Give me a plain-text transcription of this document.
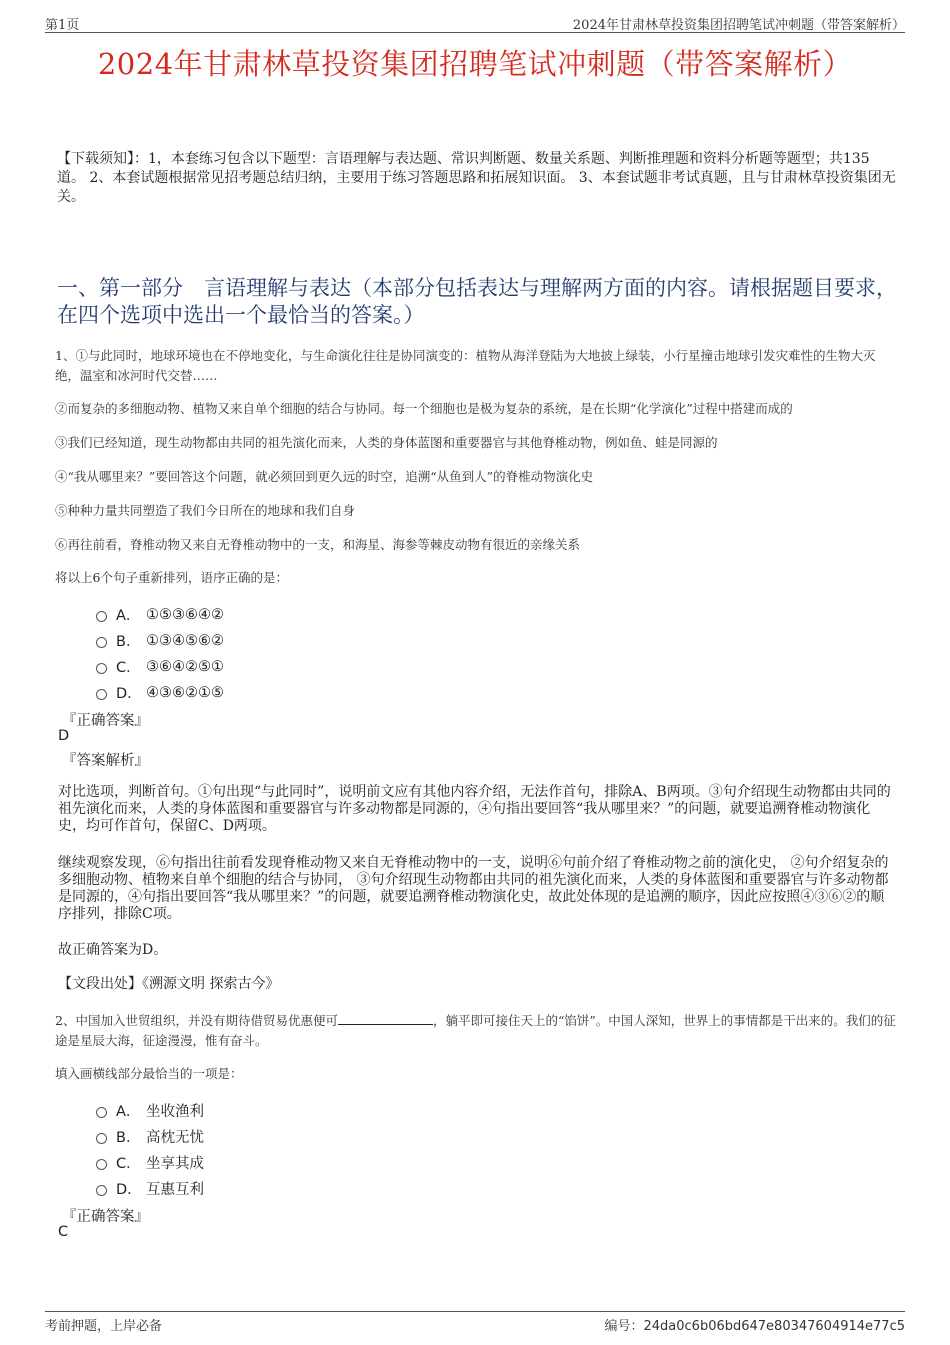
第1页	2024年甘肃林草投资集团招聘笔试冲刺题（带答案解析）
2024年甘肃林草投资集团招聘笔试冲刺题（带答案解析）
【下载须知】：1，本套练习包含以下题型：言语理解与表达题、常识判断题、数量关系题、判断推理题和资料分析题等题型；共135道。 2、本套试题根据常见招考题总结归纳，主要用于练习答题思路和拓展知识面。 3、本套试题非考试真题，且与甘肃林草投资集团无关。
一、第一部分　言语理解与表达（本部分包括表达与理解两方面的内容。请根据题目要求，在四个选项中选出一个最恰当的答案。）
1、①与此同时，地球环境也在不停地变化，与生命演化往往是协同演变的：植物从海洋登陆为大地披上绿装，小行星撞击地球引发灾难性的生物大灭绝，温室和冰河时代交替……
②而复杂的多细胞动物、植物又来自单个细胞的结合与协同。每一个细胞也是极为复杂的系统，是在长期“化学演化”过程中搭建而成的
③我们已经知道，现生动物都由共同的祖先演化而来，人类的身体蓝图和重要器官与其他脊椎动物，例如鱼、蛙是同源的
④“我从哪里来？”要回答这个问题，就必须回到更久远的时空，追溯“从鱼到人”的脊椎动物演化史
⑤种种力量共同塑造了我们今日所在的地球和我们自身
⑥再往前看，脊椎动物又来自无脊椎动物中的一支，和海星、海参等棘皮动物有很近的亲缘关系
将以上6个句子重新排列，语序正确的是：
A． ①⑤③⑥④②
B． ①③④⑤⑥②
C． ③⑥④②⑤①
D． ④③⑥②①⑤
『正确答案』
D
『答案解析』
对比选项，判断首句。①句出现“与此同时”，说明前文应有其他内容介绍，无法作首句，排除A、B两项。③句介绍现生动物都由共同的祖先演化而来，人类的身体蓝图和重要器官与许多动物都是同源的，④句指出要回答“我从哪里来？”的问题，就要追溯脊椎动物演化史，均可作首句，保留C、D两项。
继续观察发现，⑥句指出往前看发现脊椎动物又来自无脊椎动物中的一支，说明⑥句前介绍了脊椎动物之前的演化史， ②句介绍复杂的多细胞动物、植物来自单个细胞的结合与协同， ③句介绍现生动物都由共同的祖先演化而来，人类的身体蓝图和重要器官与许多动物都是同源的，④句指出要回答“我从哪里来？”的问题，就要追溯脊椎动物演化史，故此处体现的是追溯的顺序，因此应按照④③⑥②的顺序排列，排除C项。
故正确答案为D。
【文段出处】《溯源文明 探索古今》
2、中国加入世贸组织，并没有期待借贸易优惠便可	，躺平即可接住天上的“馅饼”。中国人深知，世界上的事情都是干出来的。我们的征途是星辰大海，征途漫漫，惟有奋斗。
填入画横线部分最恰当的一项是：
A． 坐收渔利
B． 高枕无忧
C． 坐享其成
D． 互惠互利
『正确答案』
C
考前押题，上岸必备	编号：24da0c6b06bd647e80347604914e77c5
